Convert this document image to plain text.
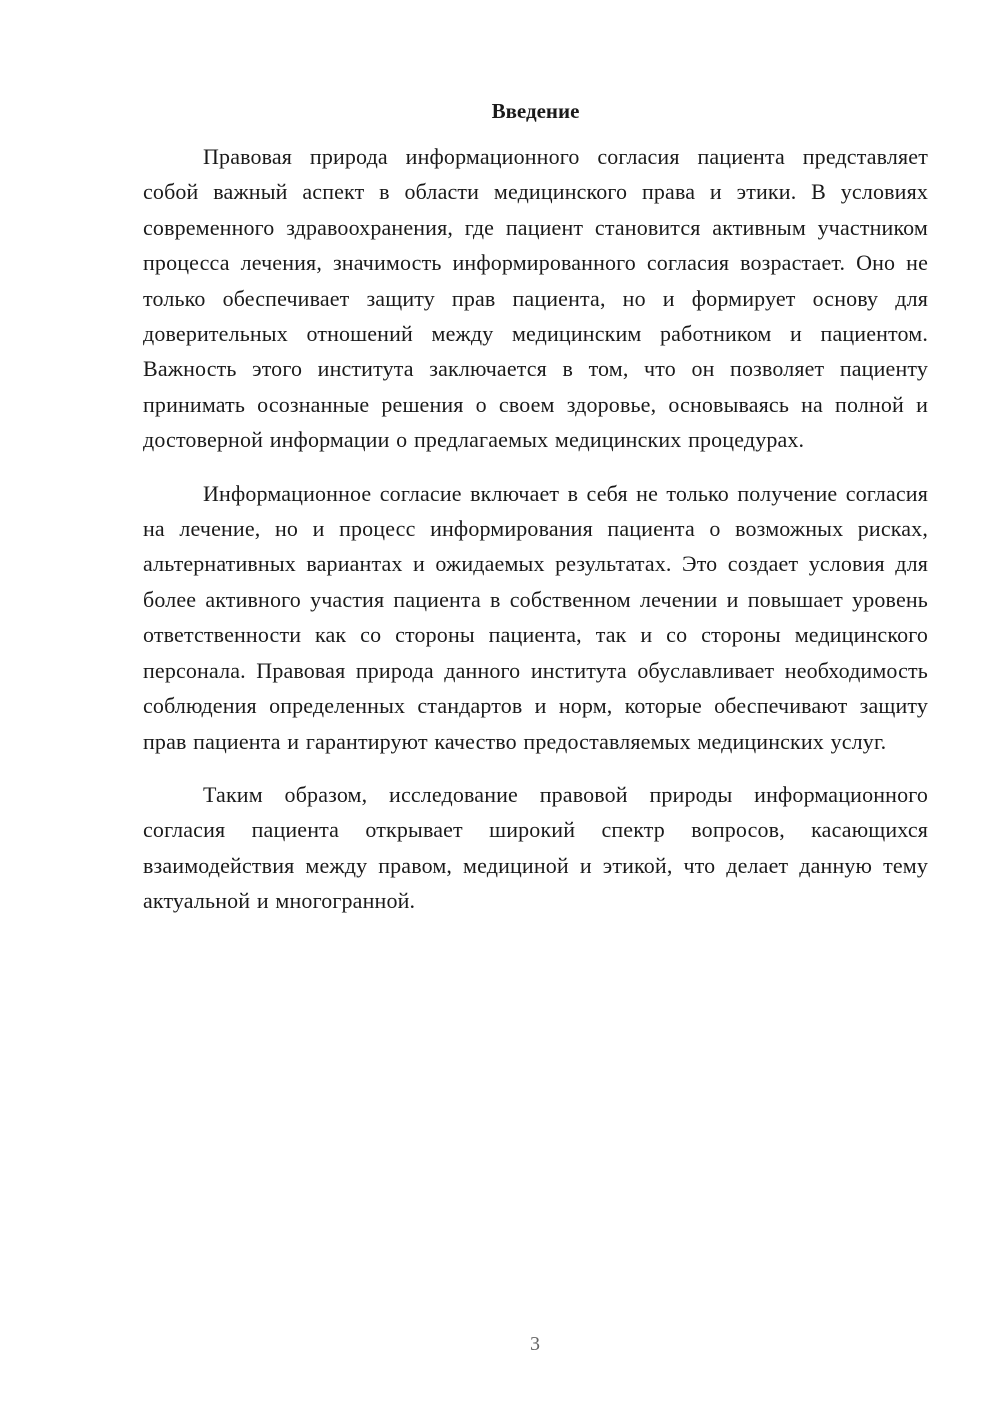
Введение

Правовая природа информационного согласия пациента представляет собой важный аспект в области медицинского права и этики. В условиях современного здравоохранения, где пациент становится активным участником процесса лечения, значимость информированного согласия возрастает. Оно не только обеспечивает защиту прав пациента, но и формирует основу для доверительных отношений между медицинским работником и пациентом. Важность этого института заключается в том, что он позволяет пациенту принимать осознанные решения о своем здоровье, основываясь на полной и достоверной информации о предлагаемых медицинских процедурах.

Информационное согласие включает в себя не только получение согласия на лечение, но и процесс информирования пациента о возможных рисках, альтернативных вариантах и ожидаемых результатах. Это создает условия для более активного участия пациента в собственном лечении и повышает уровень ответственности как со стороны пациента, так и со стороны медицинского персонала. Правовая природа данного института обуславливает необходимость соблюдения определенных стандартов и норм, которые обеспечивают защиту прав пациента и гарантируют качество предоставляемых медицинских услуг.

Таким образом, исследование правовой природы информационного согласия пациента открывает широкий спектр вопросов, касающихся взаимодействия между правом, медициной и этикой, что делает данную тему актуальной и многогранной.

3
